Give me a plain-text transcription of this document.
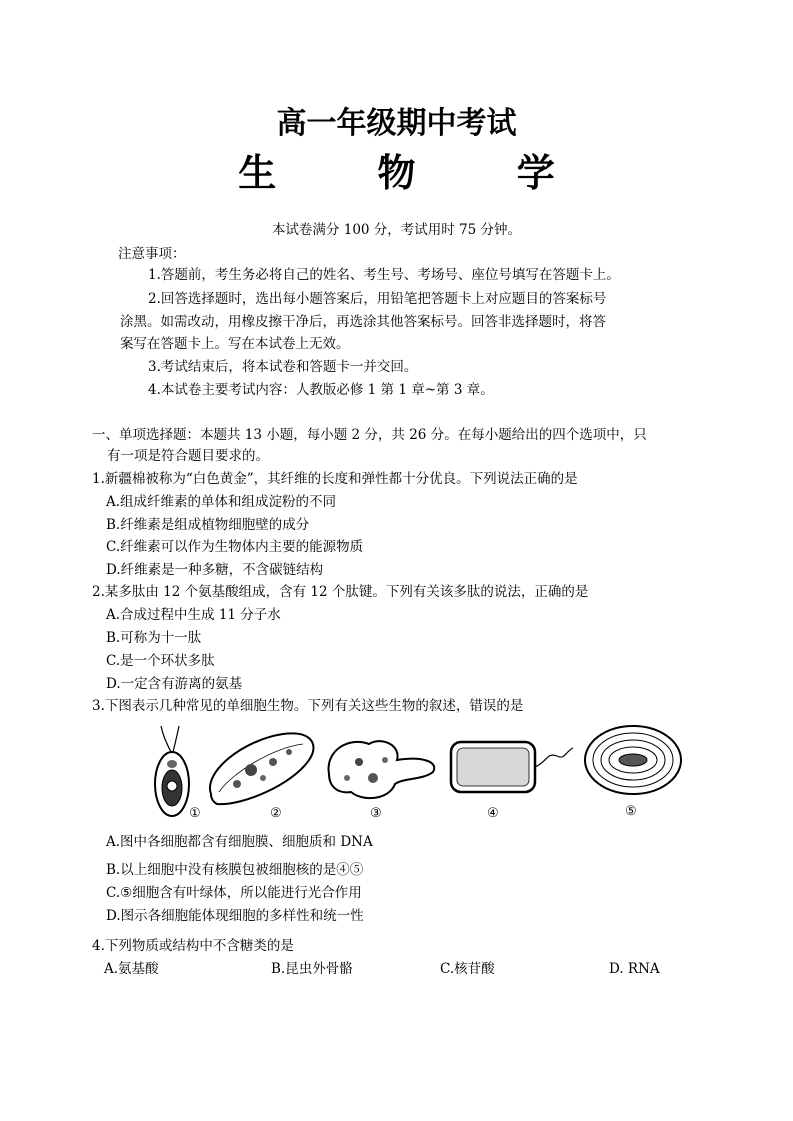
高一年级期中考试
生 物 学
本试卷满分 100 分，考试用时 75 分钟。
注意事项：
1.答题前，考生务必将自己的姓名、考生号、考场号、座位号填写在答题卡上。
2.回答选择题时，选出每小题答案后，用铅笔把答题卡上对应题目的答案标号
涂黑。如需改动，用橡皮擦干净后，再选涂其他答案标号。回答非选择题时，将答
案写在答题卡上。写在本试卷上无效。
3.考试结束后，将本试卷和答题卡一并交回。
4.本试卷主要考试内容：人教版必修 1 第 1 章~第 3 章。
一、单项选择题：本题共 13 小题，每小题 2 分，共 26 分。在每小题给出的四个选项中，只
有一项是符合题目要求的。
1.新疆棉被称为“白色黄金”，其纤维的长度和弹性都十分优良。下列说法正确的是
A.组成纤维素的单体和组成淀粉的不同
B.纤维素是组成植物细胞壁的成分
C.纤维素可以作为生物体内主要的能源物质
D.纤维素是一种多糖，不含碳链结构
2.某多肽由 12 个氨基酸组成，含有 12 个肽键。下列有关该多肽的说法，正确的是
A.合成过程中生成 11 分子水
B.可称为十一肽
C.是一个环状多肽
D.一定含有游离的氨基
3.下图表示几种常见的单细胞生物。下列有关这些生物的叙述，错误的是
①	②	③	④	⑤
A.图中各细胞都含有细胞膜、细胞质和 DNA
B.以上细胞中没有核膜包被细胞核的是④⑤
C.⑤细胞含有叶绿体，所以能进行光合作用
D.图示各细胞能体现细胞的多样性和统一性
4.下列物质或结构中不含糖类的是
A.氨基酸	B.昆虫外骨骼	C.核苷酸	D. RNA
